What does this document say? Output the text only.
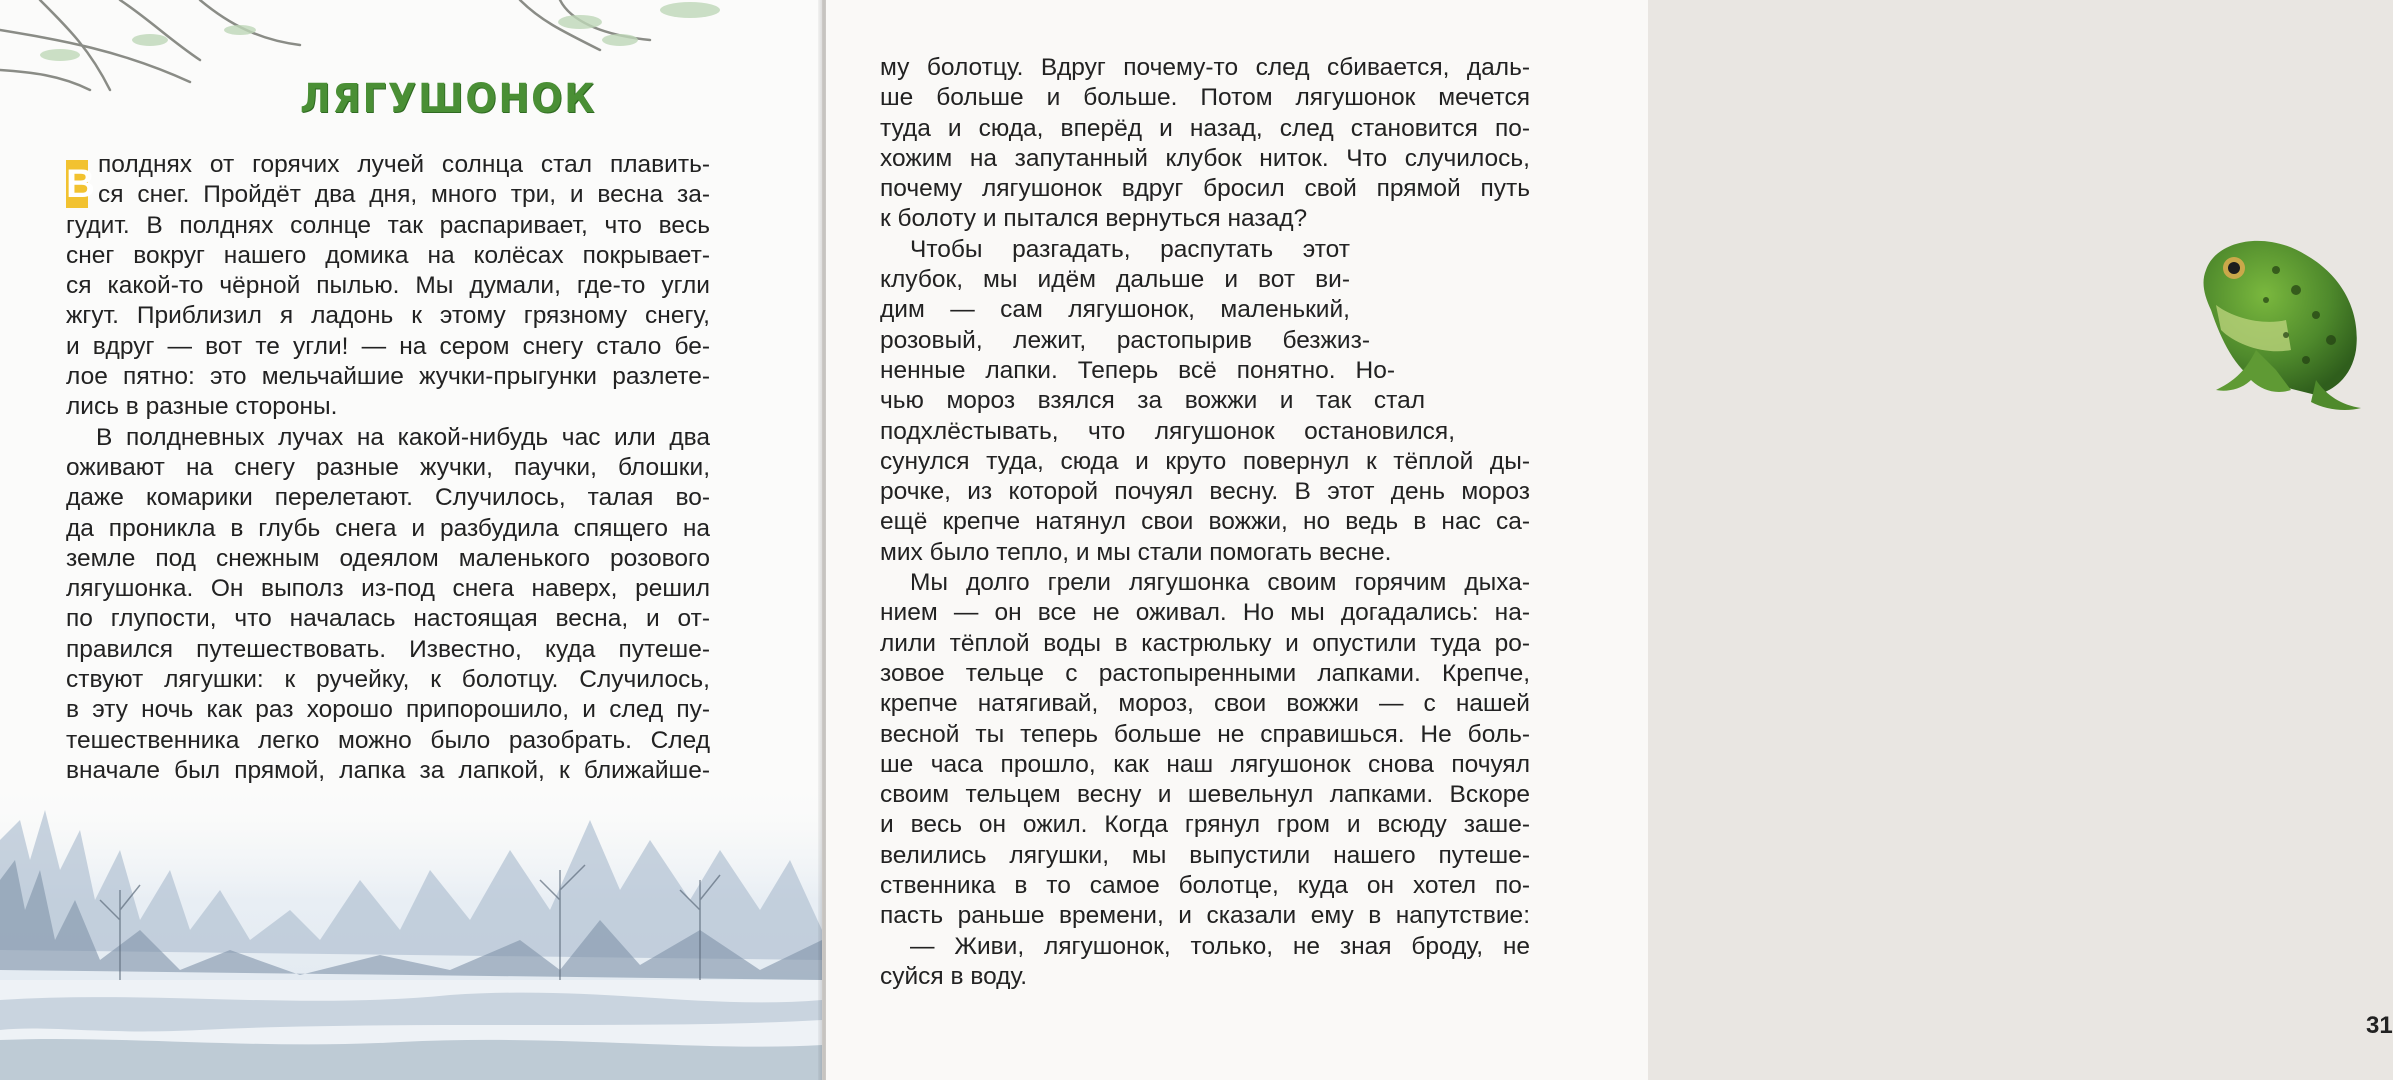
ЛЯГУШОНОК
В полднях от горячих лучей солнца стал плавить-
ся снег. Пройдёт два дня, много три, и весна за-
гудит. В полднях солнце так распаривает, что весь
снег вокруг нашего домика на колёсах покрывает-
ся какой-то чёрной пылью. Мы думали, где-то угли
жгут. Приблизил я ладонь к этому грязному снегу,
и вдруг — вот те угли! — на сером снегу стало бе-
лое пятно: это мельчайшие жучки-прыгунки разлете-
лись в разные стороны.
В полдневных лучах на какой-нибудь час или два
оживают на снегу разные жучки, паучки, блошки,
даже комарики перелетают. Случилось, талая во-
да проникла в глубь снега и разбудила спящего на
земле под снежным одеялом маленького розового
лягушонка. Он выполз из-под снега наверх, решил
по глупости, что началась настоящая весна, и от-
правился путешествовать. Известно, куда путеше-
ствуют лягушки: к ручейку, к болотцу. Случилось,
в эту ночь как раз хорошо припорошило, и след пу-
тешественника легко можно было разобрать. След
вначале был прямой, лапка за лапкой, к ближайше-
31
му болотцу. Вдруг почему-то след сбивается, даль-
ше больше и больше. Потом лягушонок мечется
туда и сюда, вперёд и назад, след становится по-
хожим на запутанный клубок ниток. Что случилось,
почему лягушонок вдруг бросил свой прямой путь
к болоту и пытался вернуться назад?
Чтобы разгадать, распутать этот
клубок, мы идём дальше и вот ви-
дим — сам лягушонок, маленький,
розовый, лежит, растопырив безжиз-
ненные лапки. Теперь всё понятно. Но-
чью мороз взялся за вожжи и так стал
подхлёстывать, что лягушонок остановился,
сунулся туда, сюда и круто повернул к тёплой ды-
рочке, из которой почуял весну. В этот день мороз
ещё крепче натянул свои вожжи, но ведь в нас са-
мих было тепло, и мы стали помогать весне.
Мы долго грели лягушонка своим горячим дыха-
нием — он все не оживал. Но мы догадались: на-
лили тёплой воды в кастрюльку и опустили туда ро-
зовое тельце с растопыренными лапками. Крепче,
крепче натягивай, мороз, свои вожжи — с нашей
весной ты теперь больше не справишься. Не боль-
ше часа прошло, как наш лягушонок снова почуял
своим тельцем весну и шевельнул лапками. Вскоре
и весь он ожил. Когда грянул гром и всюду заше-
велились лягушки, мы выпустили нашего путеше-
ственника в то самое болотце, куда он хотел по-
пасть раньше времени, и сказали ему в напутствие:
— Живи, лягушонок, только, не зная броду, не
суйся в воду.
